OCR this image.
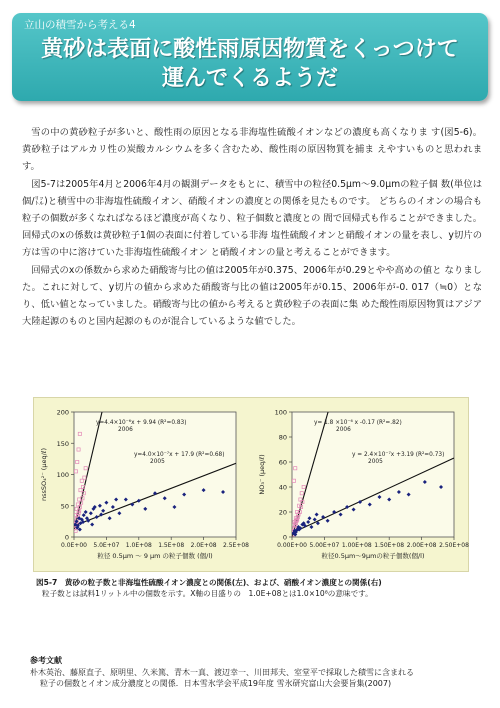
立山の積雪から考える4
黄砂は表面に酸性雨原因物質をくっつけて
運んでくるようだ

雪の中の黄砂粒子が多いと、酸性雨の原因となる非海塩性硫酸イオンなどの濃度も高くなりま す(図5-6)。黄砂粒子はアルカリ性の炭酸カルシウムを多く含むため、酸性雨の原因物質を捕ま えやすいものと思われます。

図5-7は2005年4月と2006年4月の観測データをもとに、積雪中の粒径0.5μm～9.0μmの粒子個 数(単位は個/㍑)と積雪中の非海塩性硫酸イオン、硝酸イオンの濃度との関係を見たものです。 どちらのイオンの場合も粒子の個数が多くなればなるほど濃度が高くなり、粒子個数と濃度との 間で回帰式も作ることができました。回帰式のxの係数は黄砂粒子1個の表面に付着している非海 塩性硫酸イオンと硝酸イオンの量を表し、y切片の方は雪の中に溶けていた非海塩性硫酸イオン と硝酸イオンの量と考えることができます。

回帰式のxの係数から求めた硝酸寄与比の値は2005年が0.375、2006年が0.29とやや高めの値と なりました。これに対して、y切片の値から求めた硝酸寄与比の値は2005年が0.15、2006年が-0. 017（≒0）となり、低い値となっていました。硝酸寄与比の値から考えると黄砂粒子の表面に集 めた酸性雨原因物質はアジア大陸起源のものと国内起源のものが混合しているような値でした。

0
50
100
150
200
0.0E+00 5.0E+07 1.0E+08 1.5E+08 2.0E+08 2.5E+08
粒径 0.5μm ～ 9 μm の粒子個数 (個/l)
nssSO₄²⁻ (μeq/ℓ)
y=4.4×10⁻⁶x + 9.94 (R²=0.83)
2006
y=4.0×10⁻⁷x + 17.9 (R²=0.68)
2005
0
20
40
60
80
100
0.00E+00 5.00E+07 1.00E+08 1.50E+08 2.00E+08 2.50E+08
粒径0.5μm～9μmの粒子個数(個/l)
NO₃⁻ (μeq/ℓ)
y= 1.8 ×10⁻⁶ x -0.17 (R²=.82)
2006
y = 2.4×10⁻⁷x +3.19 (R²=0.73)
2005
図5-7　黄砂の粒子数と非海塩性硫酸イオン濃度との関係(左)、および、硝酸イオン濃度との関係(右)
粒子数とは試料1リットル中の個数を示す。X軸の目盛りの　1.0E+08とは1.0×10⁸の意味です。
参考文献
朴木英治、藤原直子、原明里、久米篤、青木一真、渡辺幸一、川田邦夫、室堂平で採取した積雪に含まれる
粒子の個数とイオン成分濃度との関係．日本雪氷学会平成19年度 雪氷研究富山大会要旨集(2007)
